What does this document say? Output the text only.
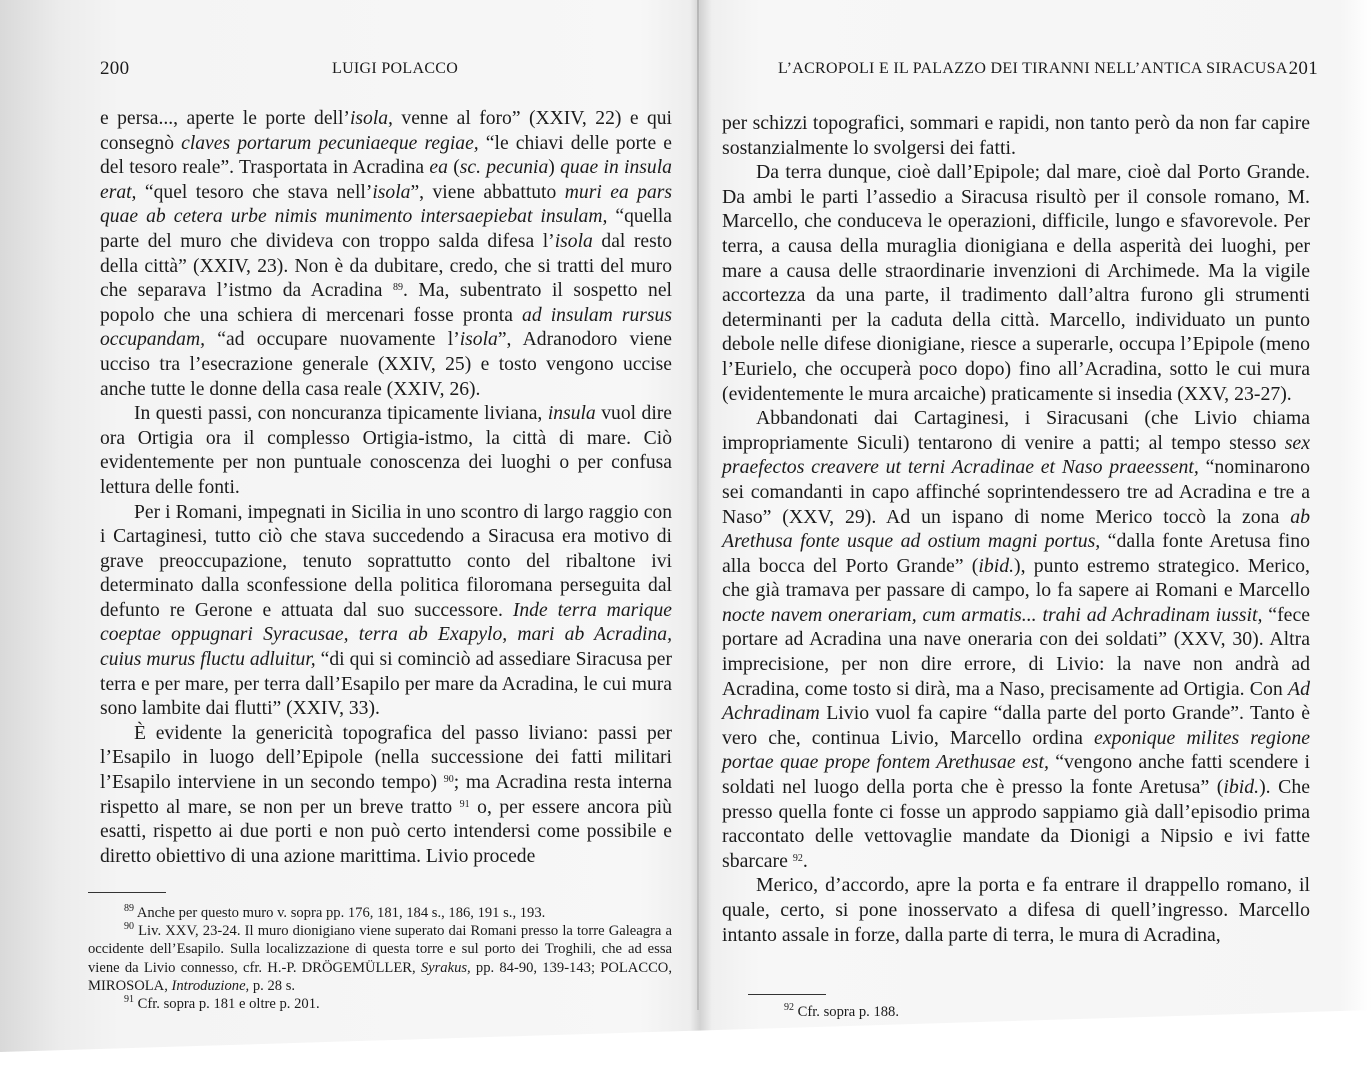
200	LUIGI POLACCO

e persa..., aperte le porte dell’isola, venne al foro” (XXIV, 22) e qui consegnò claves portarum pecuniaeque regiae, “le chiavi delle porte e del tesoro reale”. Trasportata in Acradina ea (sc. pecunia) quae in insula erat, “quel tesoro che stava nell’isola”, viene abbattuto muri ea pars quae ab cetera urbe nimis munimento intersaepiebat insulam, “quella parte del muro che divideva con troppo salda difesa l’isola dal resto della città” (XXIV, 23). Non è da dubitare, credo, che si tratti del muro che separava l’istmo da Acradina $^{89}$. Ma, subentrato il sospetto nel popolo che una schiera di mercenari fosse pronta ad insulam rursus occupandam, “ad occupare nuovamente l’isola”, Adranodoro viene ucciso tra l’esecrazione generale (XXIV, 25) e tosto vengono uccise anche tutte le donne della casa reale (XXIV, 26).

In questi passi, con noncuranza tipicamente liviana, insula vuol dire ora Ortigia ora il complesso Ortigia-istmo, la città di mare. Ciò evidentemente per non puntuale conoscenza dei luoghi o per confusa lettura delle fonti.

Per i Romani, impegnati in Sicilia in uno scontro di largo raggio con i Cartaginesi, tutto ciò che stava succedendo a Siracusa era motivo di grave preoccupazione, tenuto soprattutto conto del ribaltone ivi determinato dalla sconfessione della politica filoromana perseguita dal defunto re Gerone e attuata dal suo successore. Inde terra marique coeptae oppugnari Syracusae, terra ab Exapylo, mari ab Acradina, cuius murus fluctu adluitur, “di qui si cominciò ad assediare Siracusa per terra e per mare, per terra dall’Esapilo per mare da Acradina, le cui mura sono lambite dai flutti” (XXIV, 33).

È evidente la genericità topografica del passo liviano: passi per l’Esapilo in luogo dell’Epipole (nella successione dei fatti militari l’Esapilo interviene in un secondo tempo) $^{90}$; ma Acradina resta interna rispetto al mare, se non per un breve tratto $^{91}$ o, per essere ancora più esatti, rispetto ai due porti e non può certo intendersi come possibile e diretto obiettivo di una azione marittima. Livio procede

$^{89}$ Anche per questo muro v. sopra pp. 176, 181, 184 s., 186, 191 s., 193.

$^{90}$ Liv. XXV, 23-24. Il muro dionigiano viene superato dai Romani presso la torre Galeagra a occidente dell’Esapilo. Sulla localizzazione di questa torre e sul porto dei Troghili, che ad essa viene da Livio connesso, cfr. H.-P. DRÖGEMÜLLER, Syrakus, pp. 84-90, 139-143; POLACCO, MIROSOLA, Introduzione, p. 28 s.

$^{91}$ Cfr. sopra p. 181 e oltre p. 201.

L’ACROPOLI E IL PALAZZO DEI TIRANNI NELL’ANTICA SIRACUSA 201

per schizzi topografici, sommari e rapidi, non tanto però da non far capire sostanzialmente lo svolgersi dei fatti.

Da terra dunque, cioè dall’Epipole; dal mare, cioè dal Porto Grande. Da ambi le parti l’assedio a Siracusa risultò per il console romano, M. Marcello, che conduceva le operazioni, difficile, lungo e sfavorevole. Per terra, a causa della muraglia dionigiana e della asperità dei luoghi, per mare a causa delle straordinarie invenzioni di Archimede. Ma la vigile accortezza da una parte, il tradimento dall’altra furono gli strumenti determinanti per la caduta della città. Marcello, individuato un punto debole nelle difese dionigiane, riesce a superarle, occupa l’Epipole (meno l’Eurielo, che occuperà poco dopo) fino all’Acradina, sotto le cui mura (evidentemente le mura arcaiche) praticamente si insedia (XXV, 23-27).

Abbandonati dai Cartaginesi, i Siracusani (che Livio chiama impropriamente Siculi) tentarono di venire a patti; al tempo stesso sex praefectos creavere ut terni Acradinae et Naso praeessent, “nominarono sei comandanti in capo affinché soprintendessero tre ad Acradina e tre a Naso” (XXV, 29). Ad un ispano di nome Merico toccò la zona ab Arethusa fonte usque ad ostium magni portus, “dalla fonte Aretusa fino alla bocca del Porto Grande” (ibid.), punto estremo strategico. Merico, che già tramava per passare di campo, lo fa sapere ai Romani e Marcello nocte navem onerariam, cum armatis... trahi ad Achradinam iussit, “fece portare ad Acradina una nave oneraria con dei soldati” (XXV, 30). Altra imprecisione, per non dire errore, di Livio: la nave non andrà ad Acradina, come tosto si dirà, ma a Naso, precisamente ad Ortigia. Con Ad Achradinam Livio vuol fa capire “dalla parte del porto Grande”. Tanto è vero che, continua Livio, Marcello ordina exponique milites regione portae quae prope fontem Arethusae est, “vengono anche fatti scendere i soldati nel luogo della porta che è presso la fonte Aretusa” (ibid.). Che presso quella fonte ci fosse un approdo sappiamo già dall’episodio prima raccontato delle vettovaglie mandate da Dionigi a Nipsio e ivi fatte sbarcare $^{92}$.

Merico, d’accordo, apre la porta e fa entrare il drappello romano, il quale, certo, si pone inosservato a difesa di quell’ingresso. Marcello intanto assale in forze, dalla parte di terra, le mura di Acradina,

$^{92}$ Cfr. sopra p. 188.
